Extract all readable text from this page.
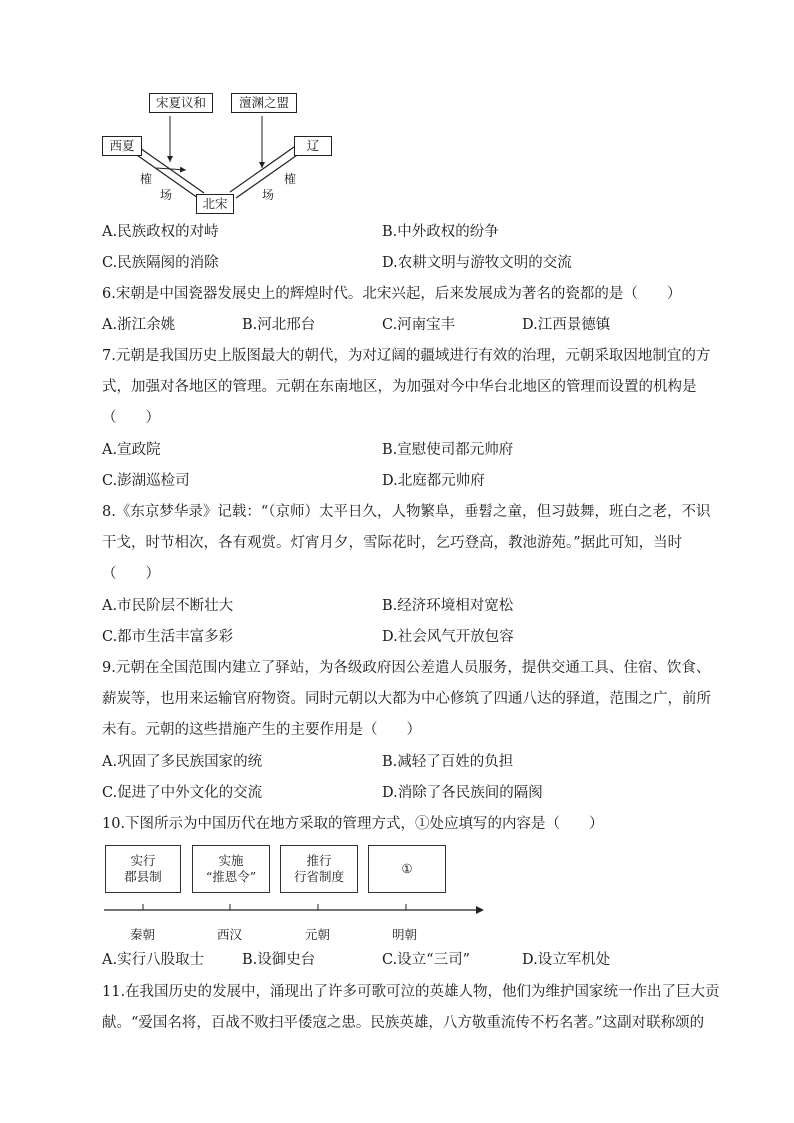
宋夏议和	澶渊之盟
西夏	辽
北宋
榷
场	场
榷
A.民族政权的对峙	B.中外政权的纷争
C.民族隔阂的消除	D.农耕文明与游牧文明的交流
6.宋朝是中国瓷器发展史上的辉煌时代。北宋兴起，后来发展成为著名的瓷都的是（　　）
A.浙江余姚	B.河北邢台	C.河南宝丰	D.江西景德镇
7.元朝是我国历史上版图最大的朝代，为对辽阔的疆域进行有效的治理，元朝采取因地制宜的方
式，加强对各地区的管理。元朝在东南地区，为加强对今中华台北地区的管理而设置的机构是
（　　）
A.宣政院	B.宣慰使司都元帅府
C.澎湖巡检司	D.北庭都元帅府
8.《东京梦华录》记载：“（京师）太平日久，人物繁阜，垂髫之童，但习鼓舞，班白之老，不识
干戈，时节相次，各有观赏。灯宵月夕，雪际花时，乞巧登高，教池游苑。”据此可知，当时
（　　）
A.市民阶层不断壮大	B.经济环境相对宽松
C.都市生活丰富多彩	D.社会风气开放包容
9.元朝在全国范围内建立了驿站，为各级政府因公差遣人员服务，提供交通工具、住宿、饮食、
薪炭等，也用来运输官府物资。同时元朝以大都为中心修筑了四通八达的驿道，范围之广，前所
未有。元朝的这些措施产生的主要作用是（　　）
A.巩固了多民族国家的统	B.减轻了百姓的负担
C.促进了中外文化的交流	D.消除了各民族间的隔阂
10.下图所示为中国历代在地方采取的管理方式，①处应填写的内容是（　　）
实行
郡县制
实施
“推恩令”
推行
行省制度
①
秦朝	西汉	元朝	明朝
A.实行八股取士	B.设御史台	C.设立“三司”	D.设立军机处
11.在我国历史的发展中，涌现出了许多可歌可泣的英雄人物，他们为维护国家统一作出了巨大贡
献。“爱国名将，百战不败扫平倭寇之患。民族英雄，八方敬重流传不朽名著。”这副对联称颂的
